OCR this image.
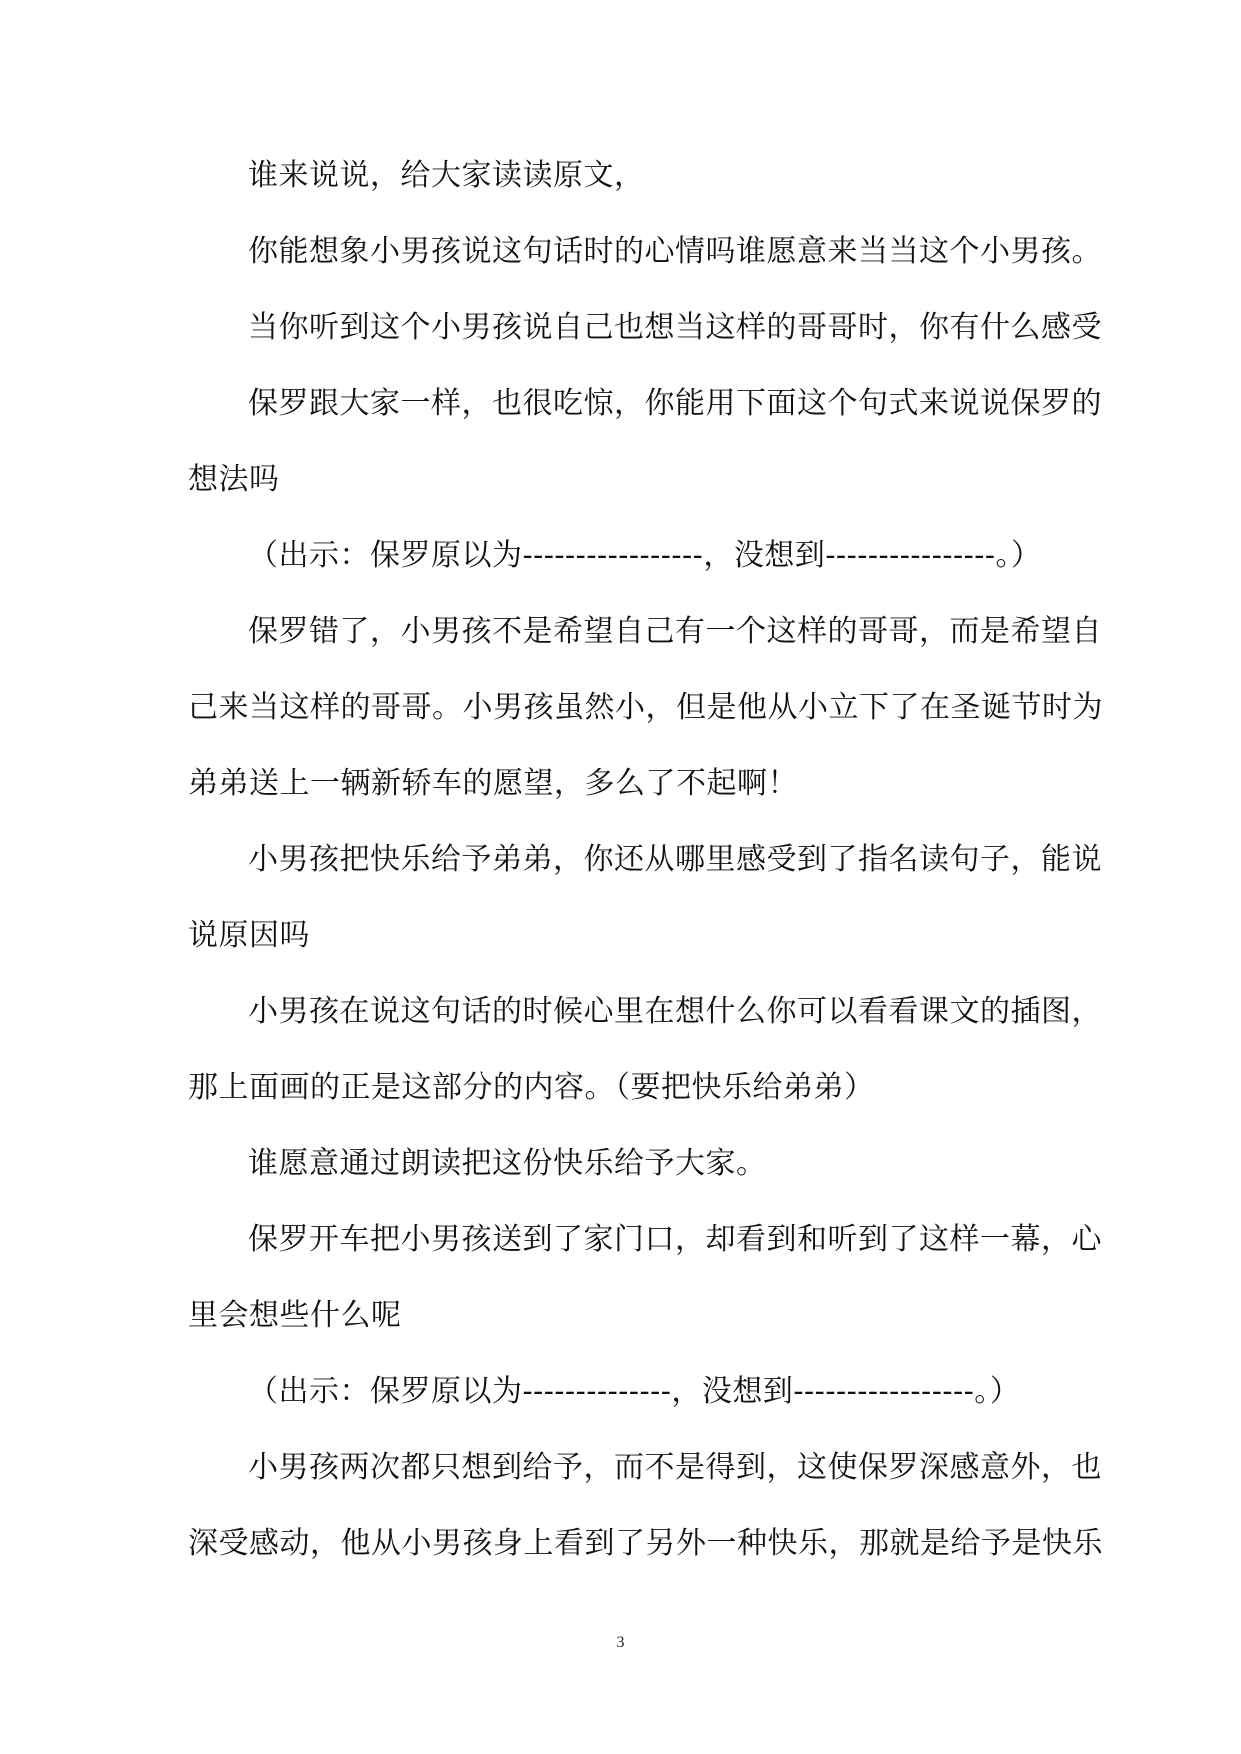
谁来说说，给大家读读原文，
你能想象小男孩说这句话时的心情吗谁愿意来当当这个小男孩。
当你听到这个小男孩说自己也想当这样的哥哥时，你有什么感受
保罗跟大家一样，也很吃惊，你能用下面这个句式来说说保罗的
想法吗
（出示：保罗原以为-----------------，没想到----------------。）
保罗错了，小男孩不是希望自己有一个这样的哥哥，而是希望自
己来当这样的哥哥。小男孩虽然小，但是他从小立下了在圣诞节时为
弟弟送上一辆新轿车的愿望，多么了不起啊！
小男孩把快乐给予弟弟，你还从哪里感受到了指名读句子，能说
说原因吗
小男孩在说这句话的时候心里在想什么你可以看看课文的插图，
那上面画的正是这部分的内容。（要把快乐给弟弟）
谁愿意通过朗读把这份快乐给予大家。
保罗开车把小男孩送到了家门口，却看到和听到了这样一幕，心
里会想些什么呢
（出示：保罗原以为--------------，没想到-----------------。）
小男孩两次都只想到给予，而不是得到，这使保罗深感意外，也
深受感动，他从小男孩身上看到了另外一种快乐，那就是给予是快乐
3
